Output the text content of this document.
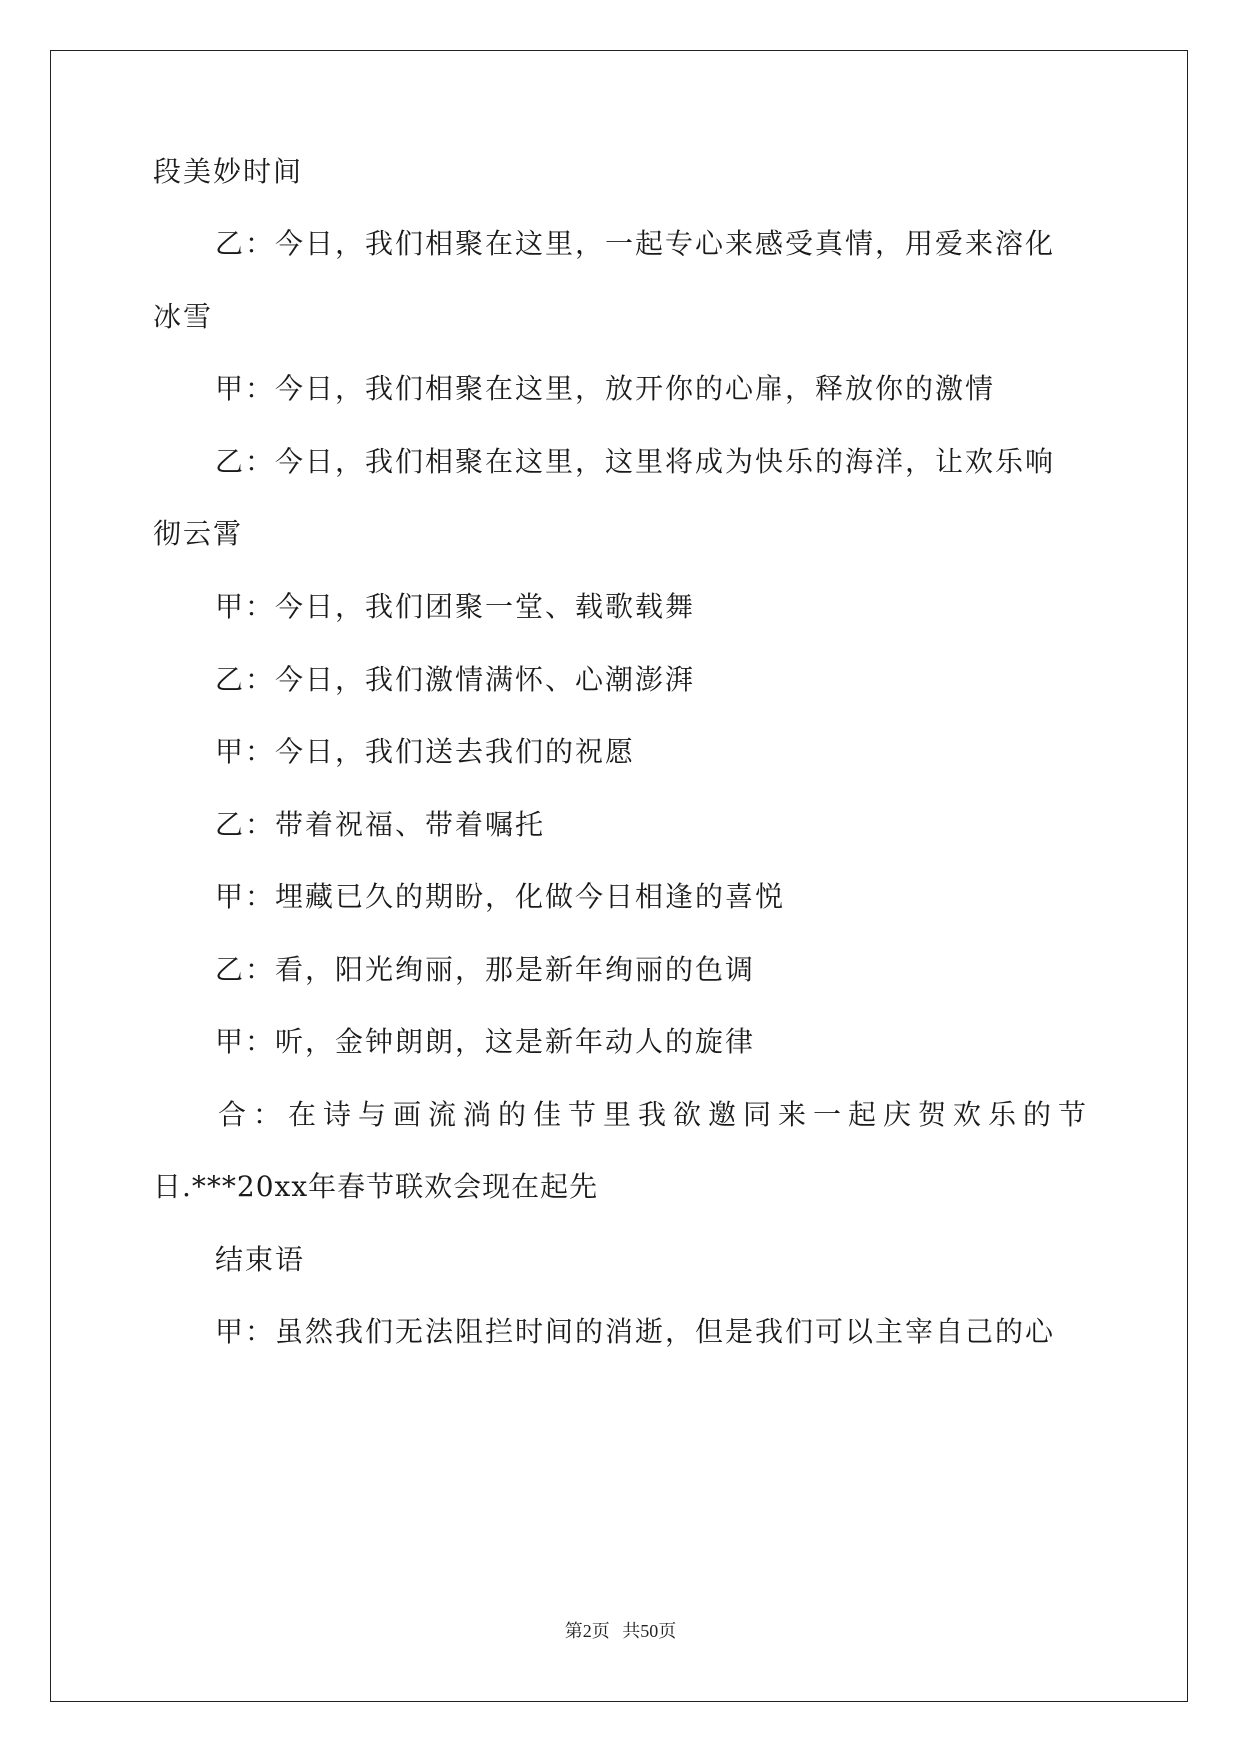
段美妙时间
乙：今日，我们相聚在这里，一起专心来感受真情，用爱来溶化
冰雪
甲：今日，我们相聚在这里，放开你的心扉，释放你的激情
乙：今日，我们相聚在这里，这里将成为快乐的海洋，让欢乐响
彻云霄
甲：今日，我们团聚一堂、载歌载舞
乙：今日，我们激情满怀、心潮澎湃
甲：今日，我们送去我们的祝愿
乙：带着祝福、带着嘱托
甲：埋藏已久的期盼，化做今日相逢的喜悦
乙：看，阳光绚丽，那是新年绚丽的色调
甲：听，金钟朗朗，这是新年动人的旋律
合：在诗与画流淌的佳节里我欲邀同来一起庆贺欢乐的节
日.***20xx年春节联欢会现在起先
结束语
甲：虽然我们无法阻拦时间的消逝，但是我们可以主宰自己的心
第2页 共50页
